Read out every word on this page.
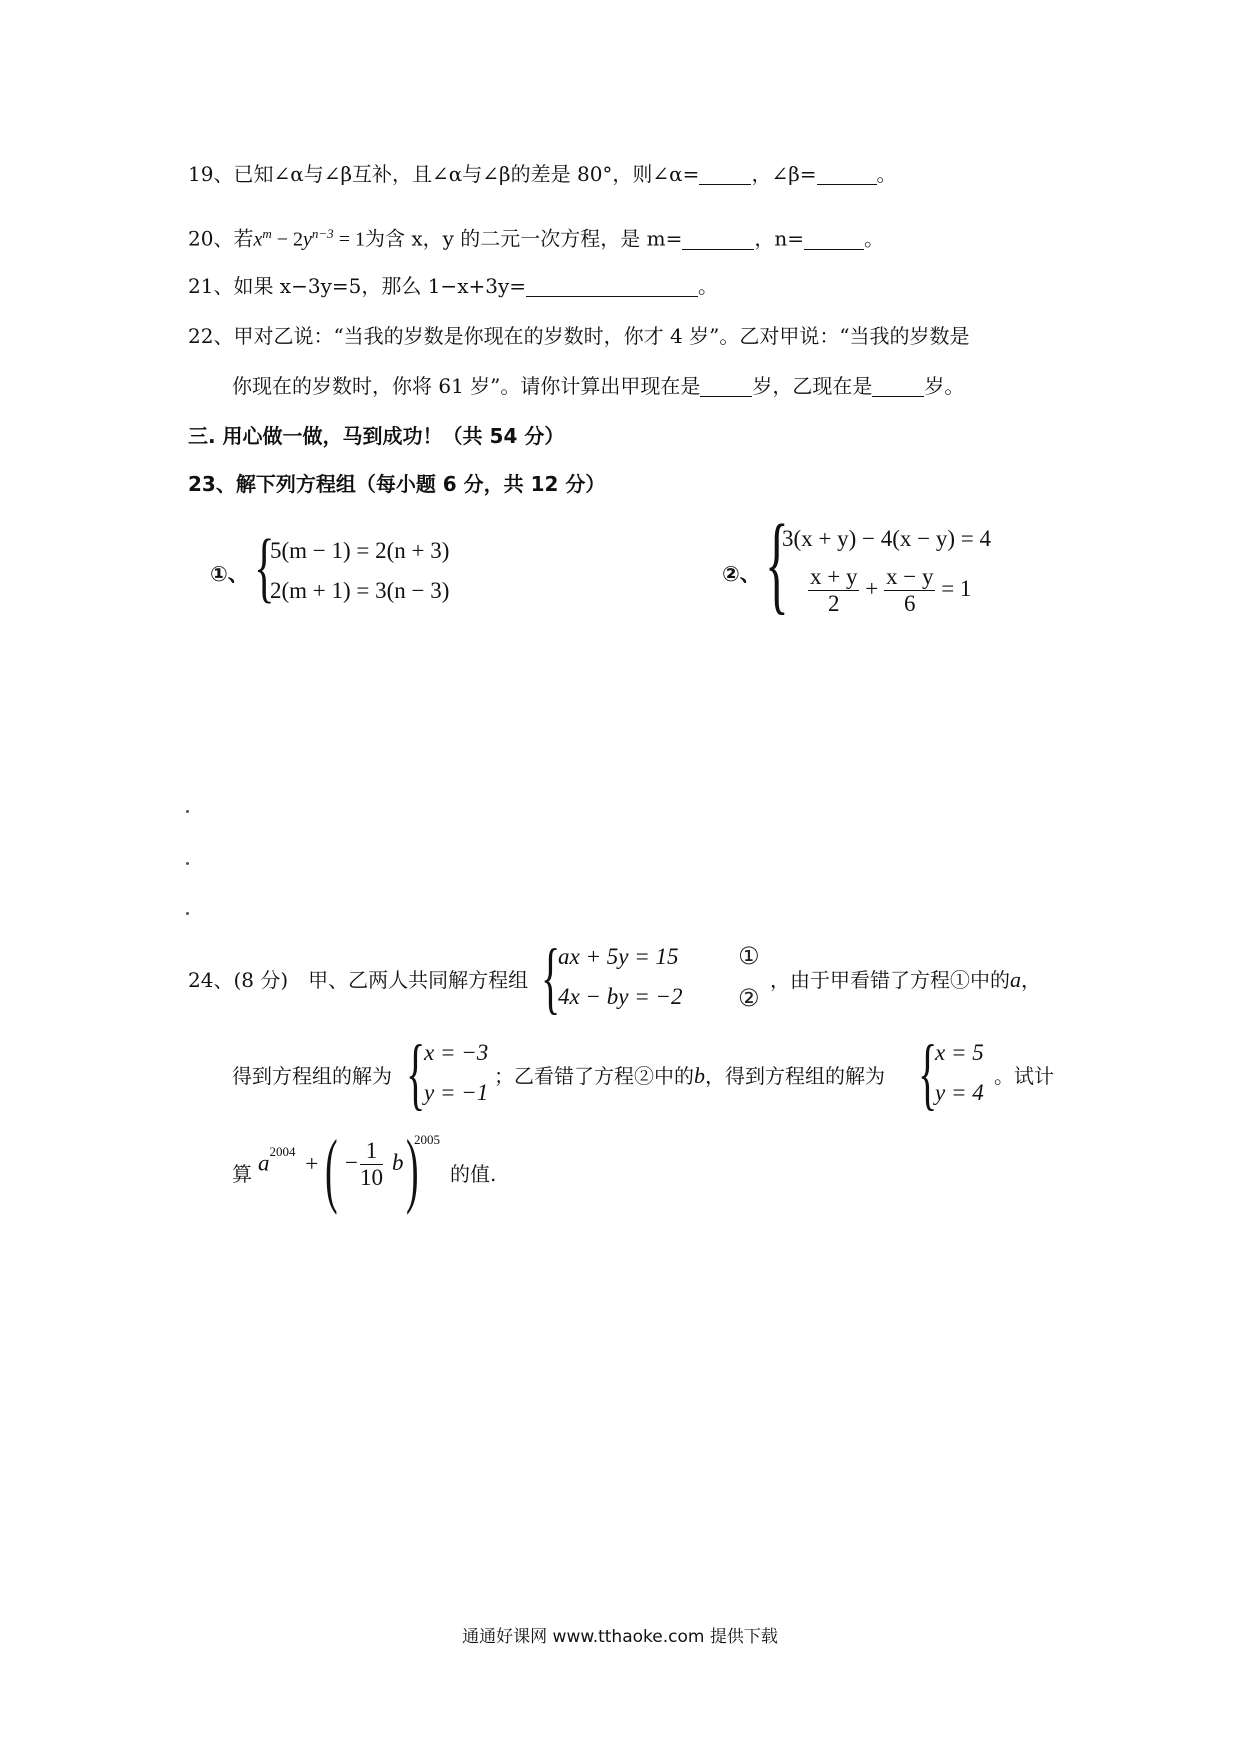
19、已知∠α与∠β互补，且∠α与∠β的差是 80°，则∠α=	，∠β=	。
20、若$x^m - 2y^{n-3} = 1$为含 x，y 的二元一次方程，是 m=	，n=	。
21、如果 x−3y=5，那么 1−x+3y=	。
22、甲对乙说：“当我的岁数是你现在的岁数时，你才 4 岁”。乙对甲说：“当我的岁数是
你现在的岁数时，你将 61 岁”。请你计算出甲现在是	岁，乙现在是	岁。
三. 用心做一做，马到成功！（共 54 分）
23、解下列方程组（每小题 6 分，共 12 分）
①、 {
5(m − 1) = 2(n + 3)
2(m + 1) = 3(n − 3)
②、 {
3(x + y) − 4(x − y) = 4
$\frac{x + y}{2} + \frac{x - y}{6} = 1$
24、(8 分)　甲、乙两人共同解方程组 {
ax + 5y = 15
4x − by = −2
①
②
，由于甲看错了方程①中的a，
得到方程组的解为 {
x = −3
y = −1
；乙看错了方程②中的b，得到方程组的解为 {
x = 5
y = 4
。试计
算 $a^{2004}$ + ( − $\frac{1}{10}$ b )
2005
的值.
通通好课网 www.tthaoke.com 提供下载
